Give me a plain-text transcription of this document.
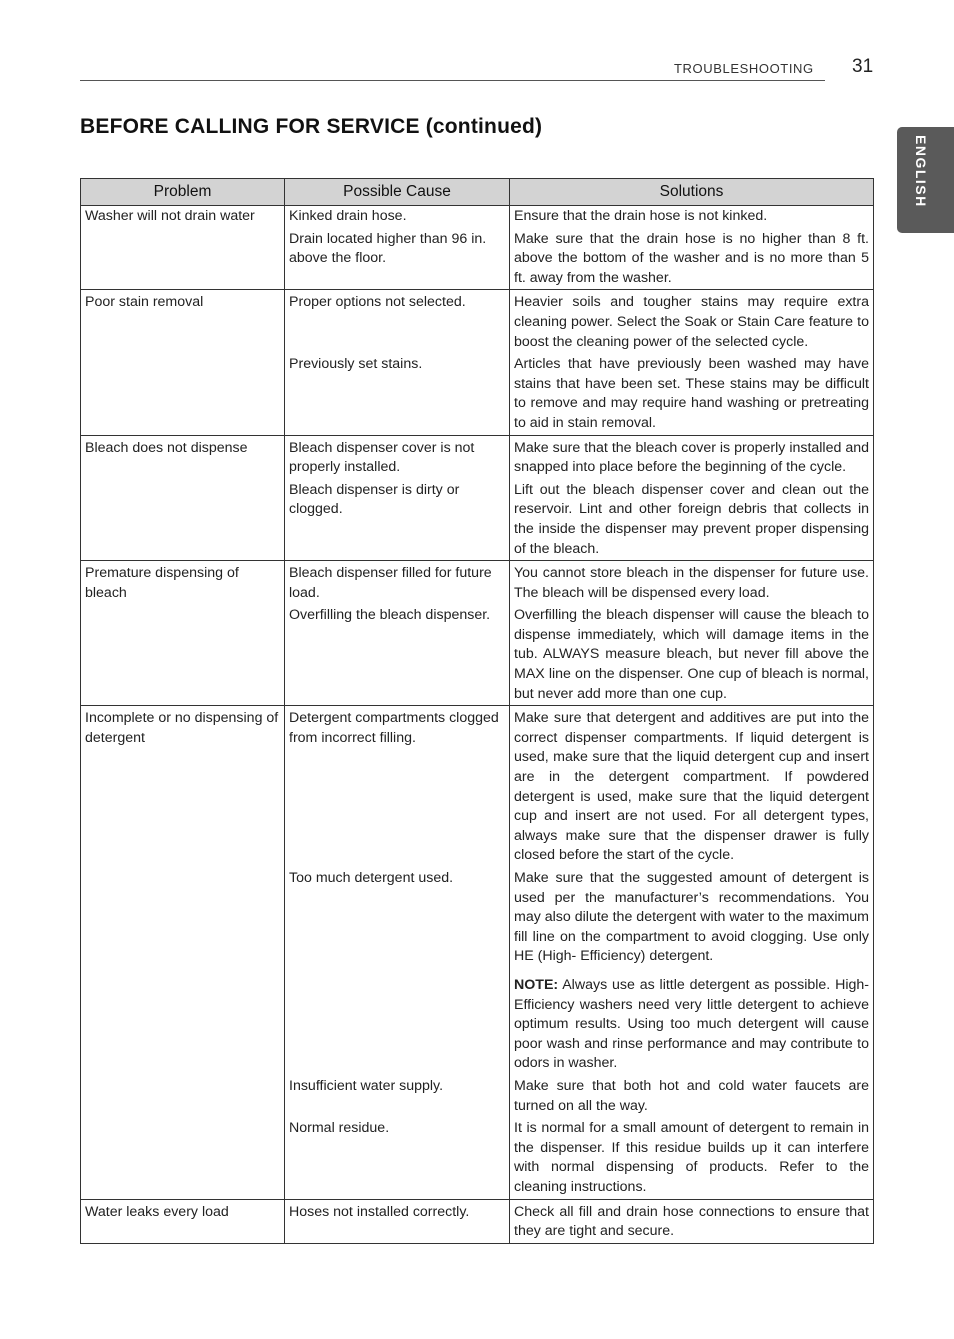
TROUBLESHOOTING 31
BEFORE CALLING FOR SERVICE (continued)
ENGLISH
Problem	Possible Cause	Solutions
Washer will not drain water	Kinked drain hose.	Ensure that the drain hose is not kinked.
	Drain located higher than 96 in. above the floor.	Make sure that the drain hose is no higher than 8 ft. above the bottom of the washer and is no more than 5 ft. away from the washer.
Poor stain removal	Proper options not selected.	Heavier soils and tougher stains may require extra cleaning power. Select the Soak or Stain Care feature to boost the cleaning power of the selected cycle.
	Previously set stains.	Articles that have previously been washed may have stains that have been set. These stains may be difficult to remove and may require hand washing or pretreating to aid in stain removal.
Bleach does not dispense	Bleach dispenser cover is not properly installed.	Make sure that the bleach cover is properly installed and snapped into place before the beginning of the cycle.
	Bleach dispenser is dirty or clogged.	Lift out the bleach dispenser cover and clean out the reservoir. Lint and other foreign debris that collects in the inside the dispenser may prevent proper dispensing of the bleach.
Premature dispensing of bleach	Bleach dispenser filled for future load.	You cannot store bleach in the dispenser for future use. The bleach will be dispensed every load.
	Overfilling the bleach dispenser.	Overfilling the bleach dispenser will cause the bleach to dispense immediately, which will damage items in the tub. ALWAYS measure bleach, but never fill above the MAX line on the dispenser. One cup of bleach is normal, but never add more than one cup.
Incomplete or no dispensing of detergent	Detergent compartments clogged from incorrect filling.	Make sure that detergent and additives are put into the correct dispenser compartments. If liquid detergent is used, make sure that the liquid detergent cup and insert are in the detergent compartment. If powdered detergent is used, make sure that the liquid detergent cup and insert are not used. For all detergent types, always make sure that the dispenser drawer is fully closed before the start of the cycle.
	Too much detergent used.	Make sure that the suggested amount of detergent is used per the manufacturer’s recommendations. You may also dilute the detergent with water to the maximum fill line on the compartment to avoid clogging. Use only HE (High- Efficiency) detergent.
		NOTE: Always use as little detergent as possible. High-Efficiency washers need very little detergent to achieve optimum results. Using too much detergent will cause poor wash and rinse performance and may contribute to odors in washer.
	Insufficient water supply.	Make sure that both hot and cold water faucets are turned on all the way.
	Normal residue.	It is normal for a small amount of detergent to remain in the dispenser. If this residue builds up it can interfere with normal dispensing of products. Refer to the cleaning instructions.
Water leaks every load	Hoses not installed correctly.	Check all fill and drain hose connections to ensure that they are tight and secure.
